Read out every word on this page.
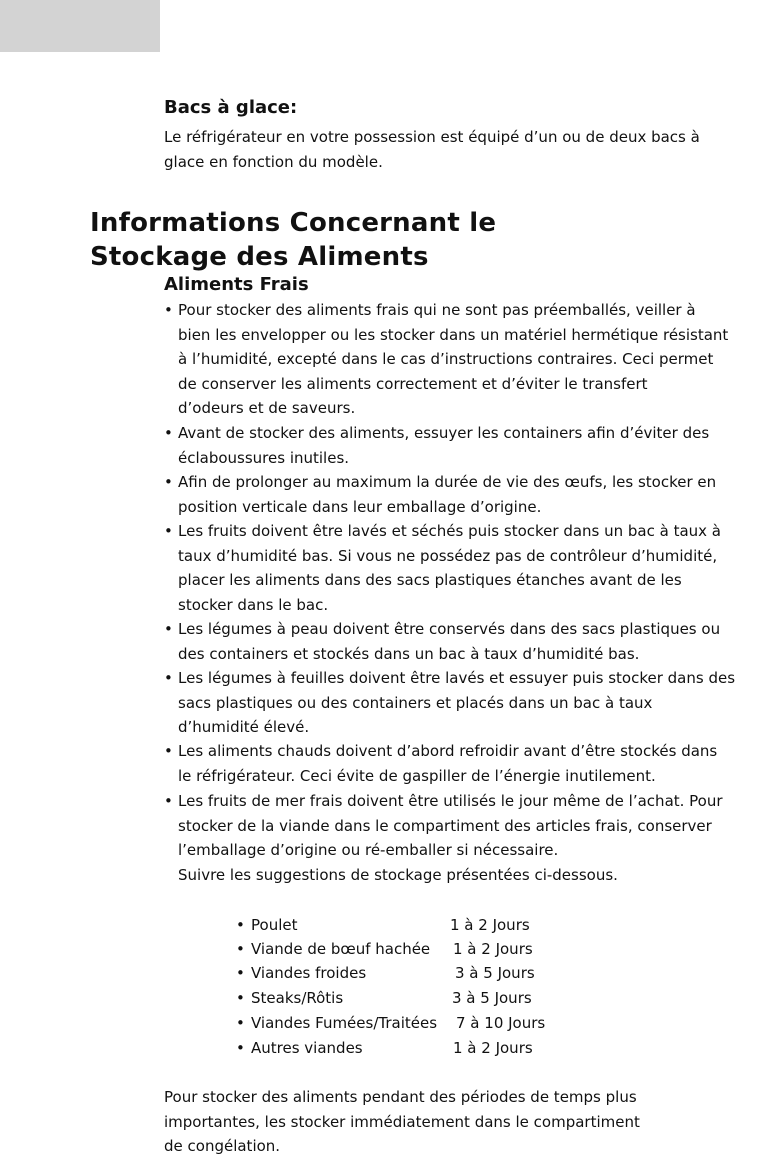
Bacs à glace:
Le réfrigérateur en votre possession est équipé d’un ou de deux bacs à
glace en fonction du modèle.
Informations Concernant le
Stockage des Aliments
Aliments Frais
• Pour stocker des aliments frais qui ne sont pas préemballés, veiller à
bien les envelopper ou les stocker dans un matériel hermétique résistant
à l’humidité, excepté dans le cas d’instructions contraires. Ceci permet
de conserver les aliments correctement et d’éviter le transfert
d’odeurs et de saveurs.
• Avant de stocker des aliments, essuyer les containers afin d’éviter des
éclaboussures inutiles.
• Afin de prolonger au maximum la durée de vie des œufs, les stocker en
position verticale dans leur emballage d’origine.
• Les fruits doivent être lavés et séchés puis stocker dans un bac à taux à
taux d’humidité bas. Si vous ne possédez pas de contrôleur d’humidité,
placer les aliments dans des sacs plastiques étanches avant de les
stocker dans le bac.
• Les légumes à peau doivent être conservés dans des sacs plastiques ou
des containers et stockés dans un bac à taux d’humidité bas.
• Les légumes à feuilles doivent être lavés et essuyer puis stocker dans des
sacs plastiques ou des containers et placés dans un bac à taux
d’humidité élevé.
• Les aliments chauds doivent d’abord refroidir avant d’être stockés dans
le réfrigérateur. Ceci évite de gaspiller de l’énergie inutilement.
• Les fruits de mer frais doivent être utilisés le jour même de l’achat. Pour
stocker de la viande dans le compartiment des articles frais, conserver
l’emballage d’origine ou ré-emballer si nécessaire.
Suivre les suggestions de stockage présentées ci-dessous.
• Poulet	1 à 2 Jours
• Viande de bœuf hachée 1 à 2 Jours
• Viandes froides	3 à 5 Jours
• Steaks/Rôtis	3 à 5 Jours
• Viandes Fumées/Traitées 7 à 10 Jours
• Autres viandes	1 à 2 Jours
Pour stocker des aliments pendant des périodes de temps plus
importantes, les stocker immédiatement dans le compartiment
de congélation.
